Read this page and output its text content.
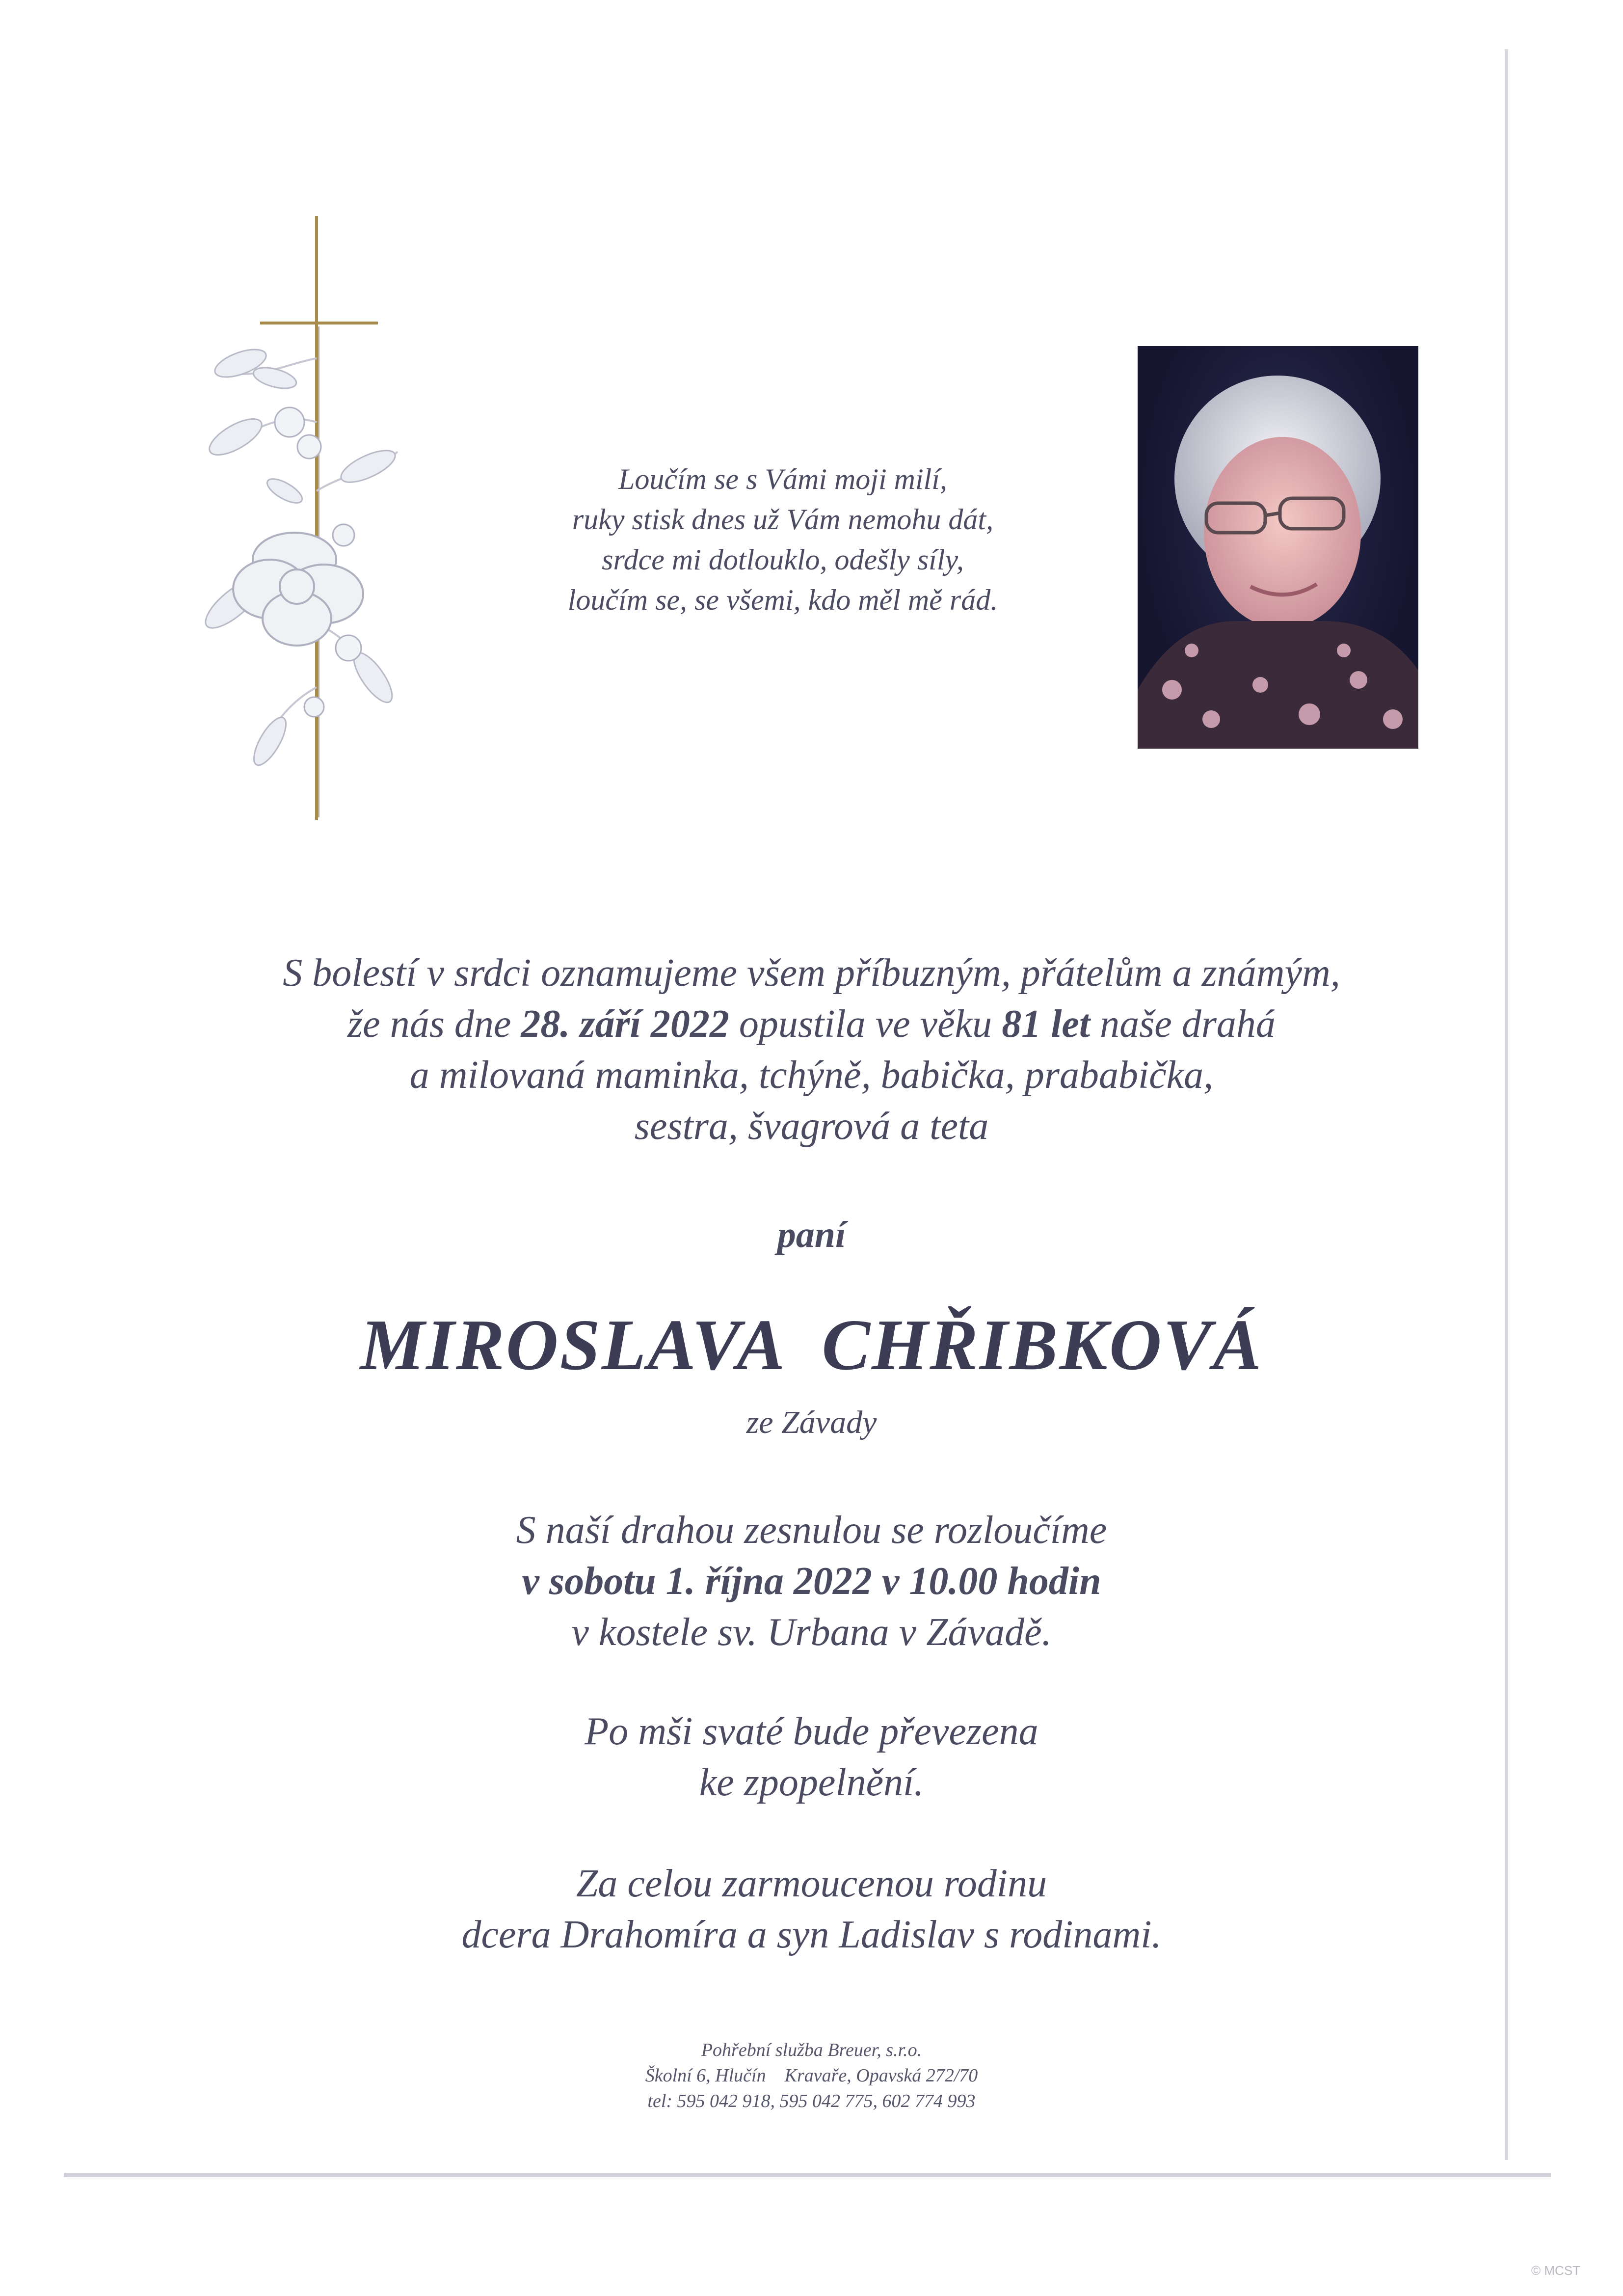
Loučím se s Vámi moji milí,
ruky stisk dnes už Vám nemohu dát,
srdce mi dotlouklo, odešly síly,
loučím se, se všemi, kdo měl mě rád.
S bolestí v srdci oznamujeme všem příbuzným, přátelům a známým,
že nás dne 28. září 2022 opustila ve věku 81 let naše drahá
a milovaná maminka, tchýně, babička, prababička,
sestra, švagrová a teta
paní
MIROSLAVA  CHŘIBKOVÁ
ze Závady
S naší drahou zesnulou se rozloučíme
v sobotu 1. října 2022 v 10.00 hodin
v kostele sv. Urbana v Závadě.
Po mši svaté bude převezena
ke zpopelnění.
Za celou zarmoucenou rodinu
dcera Drahomíra a syn Ladislav s rodinami.
Pohřební služba Breuer, s.r.o.
Školní 6, Hlučín    Kravaře, Opavská 272/70
tel: 595 042 918, 595 042 775, 602 774 993
© MCST
